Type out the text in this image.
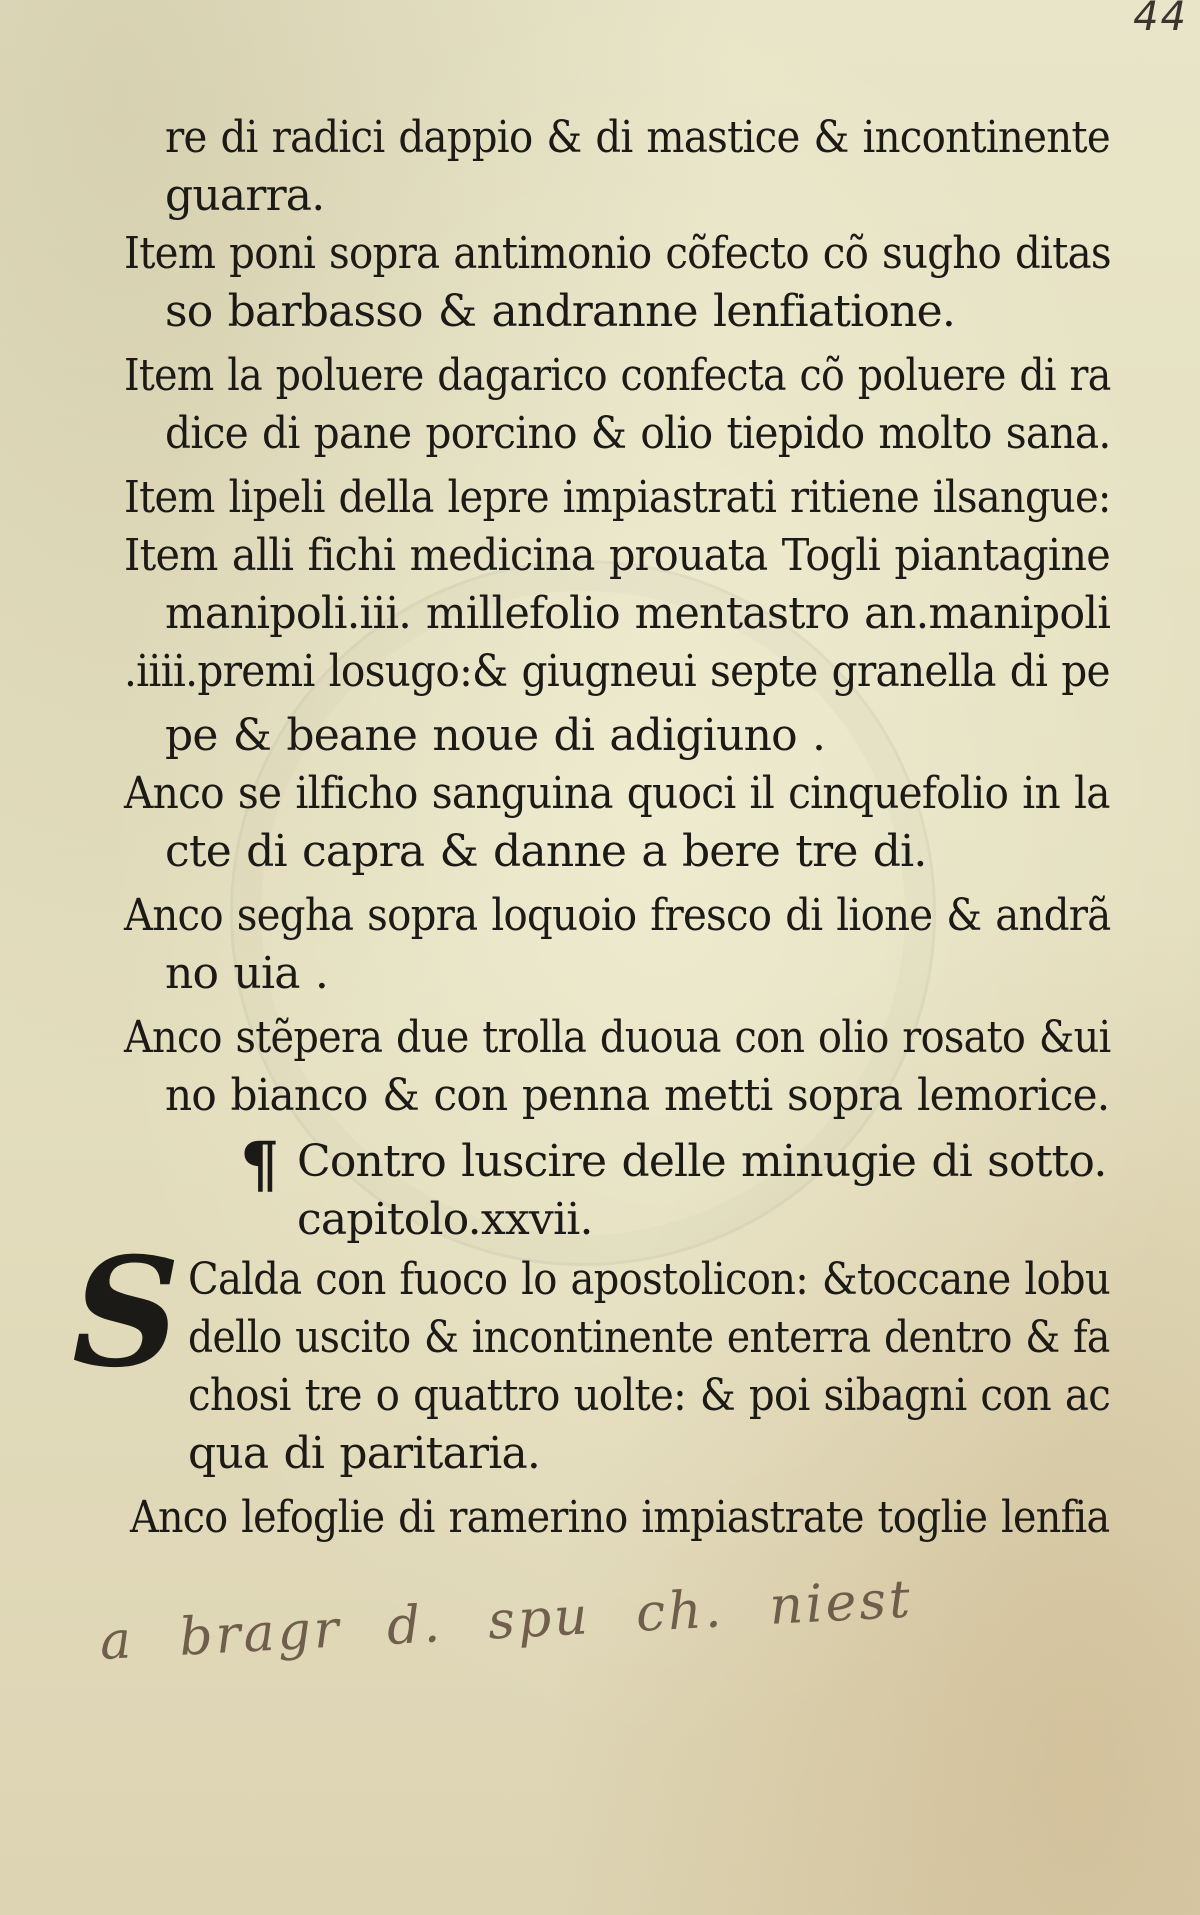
44
re di radici dappio & di mastice & incontinente
guarra.
Item poni sopra antimonio cõfecto cõ sugho ditas
so barbasso & andranne lenfiatione.
Item la poluere dagarico confecta cõ poluere di ra
dice di pane porcino & olio tiepido molto sana.
Item lipeli della lepre impiastrati ritiene ilsangue:
Item alli fichi medicina prouata Togli piantagine
manipoli.iii. millefolio mentastro an.manipoli
.iiii.premi losugo:& giugneui septe granella di pe
pe & beane noue di adigiuno .
Anco se ilficho sanguina quoci il cinquefolio in la
cte di capra & danne a bere tre di.
Anco segha sopra loquoio fresco di lione & andrã
no uia .
Anco stẽpera due trolla duoua con olio rosato &ui
no bianco & con penna metti sopra lemorice.
¶ Contro luscire delle minugie di sotto.
capitolo.xxvii.
S Calda con fuoco lo apostolicon: &toccane lobu
dello uscito & incontinente enterra dentro & fa
chosi tre o quattro uolte: & poi sibagni con ac
qua di paritaria.
Anco lefoglie di ramerino impiastrate toglie lenfia
a bragr d. spu ch. niest
